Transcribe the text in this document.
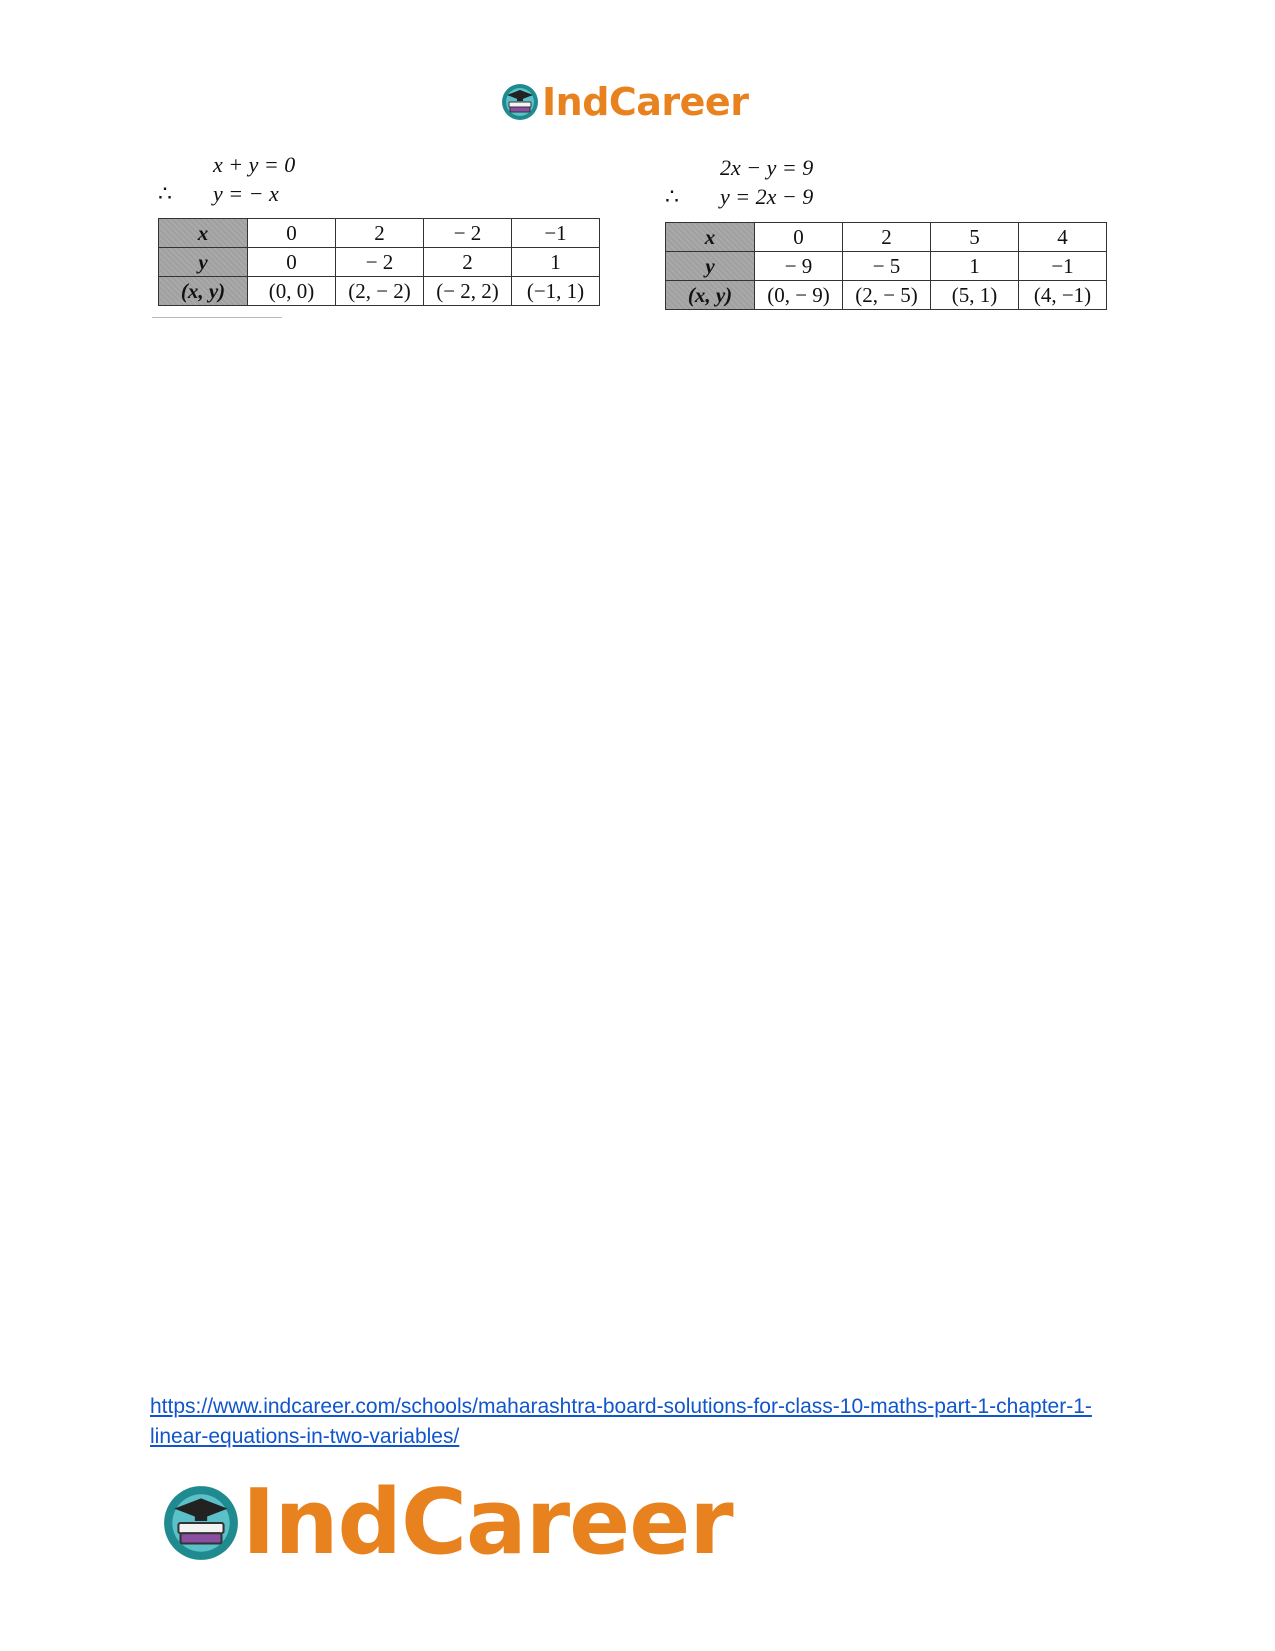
IndCareer
x + y = 0
∴ y = − x
x	0	2	− 2	−1
y	0	− 2	2	1
(x, y)	(0, 0)	(2, − 2)	(− 2, 2)	(−1, 1)
2x − y = 9
∴ y = 2x − 9
x	0	2	5	4
y	− 9	− 5	1	−1
(x, y)	(0, − 9)	(2, − 5)	(5, 1)	(4, −1)
https://www.indcareer.com/schools/maharashtra-board-solutions-for-class-10-maths-part-1-chapter-1-linear-equations-in-two-variables/
IndCareer
